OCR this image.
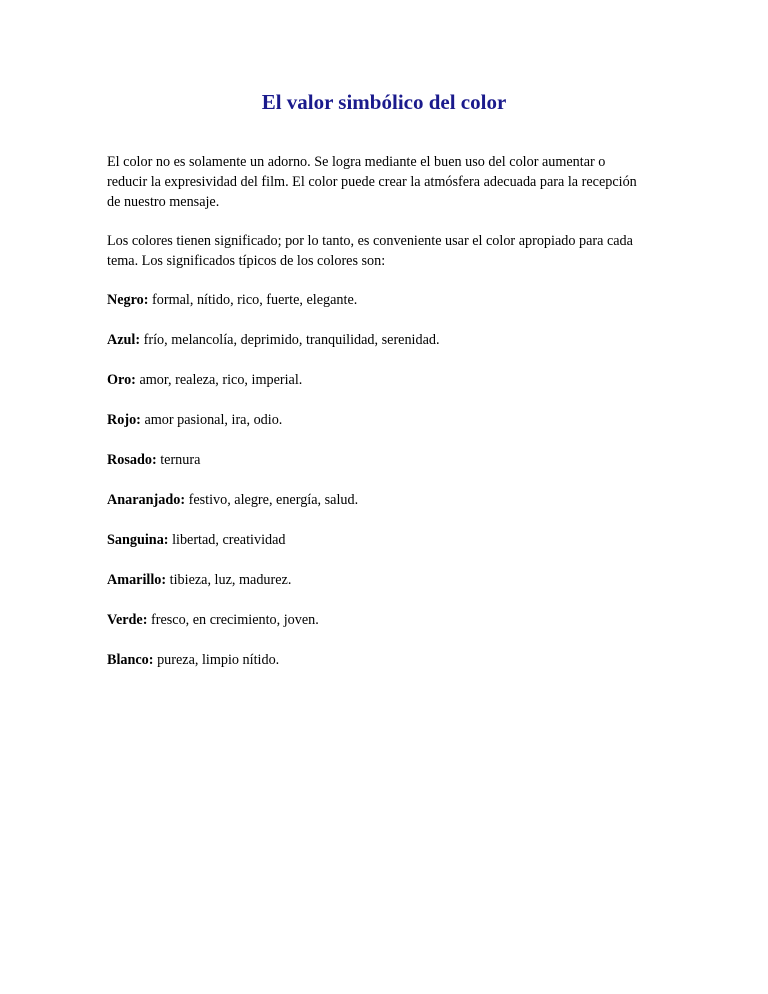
El valor simbólico del color

El color no es solamente un adorno. Se logra mediante el buen uso del color aumentar o reducir la expresividad del film. El color puede crear la atmósfera adecuada para la recepción de nuestro mensaje.

Los colores tienen significado; por lo tanto, es conveniente usar el color apropiado para cada tema. Los significados típicos de los colores son:

Negro: formal, nítido, rico, fuerte, elegante.

Azul: frío, melancolía, deprimido, tranquilidad, serenidad.

Oro: amor, realeza, rico, imperial.

Rojo: amor pasional, ira, odio.

Rosado: ternura

Anaranjado: festivo, alegre, energía, salud.

Sanguina: libertad, creatividad

Amarillo: tibieza, luz, madurez.

Verde: fresco, en crecimiento, joven.

Blanco: pureza, limpio nítido.
